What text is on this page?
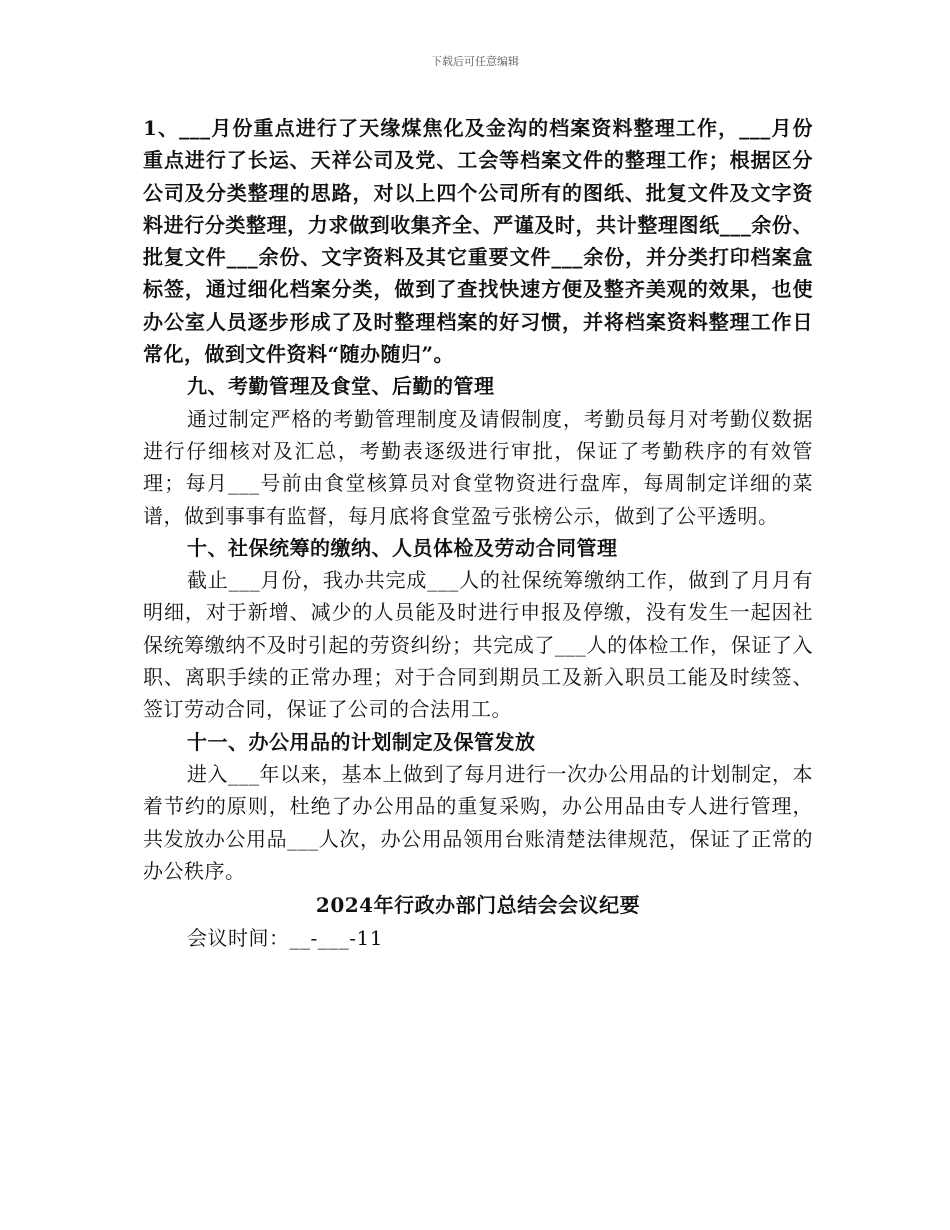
下载后可任意编辑

1、___月份重点进行了天缘煤焦化及金沟的档案资料整理工作，___月份重点进行了长运、天祥公司及党、工会等档案文件的整理工作；根据区分公司及分类整理的思路，对以上四个公司所有的图纸、批复文件及文字资料进行分类整理，力求做到收集齐全、严谨及时，共计整理图纸___余份、批复文件___余份、文字资料及其它重要文件___余份，并分类打印档案盒标签，通过细化档案分类，做到了查找快速方便及整齐美观的效果，也使办公室人员逐步形成了及时整理档案的好习惯，并将档案资料整理工作日常化，做到文件资料“随办随归”。

九、考勤管理及食堂、后勤的管理

通过制定严格的考勤管理制度及请假制度，考勤员每月对考勤仪数据进行仔细核对及汇总，考勤表逐级进行审批，保证了考勤秩序的有效管理；每月___号前由食堂核算员对食堂物资进行盘库，每周制定详细的菜谱，做到事事有监督，每月底将食堂盈亏张榜公示，做到了公平透明。

十、社保统筹的缴纳、人员体检及劳动合同管理

截止___月份，我办共完成___人的社保统筹缴纳工作，做到了月月有明细，对于新增、减少的人员能及时进行申报及停缴，没有发生一起因社保统筹缴纳不及时引起的劳资纠纷；共完成了___人的体检工作，保证了入职、离职手续的正常办理；对于合同到期员工及新入职员工能及时续签、签订劳动合同，保证了公司的合法用工。

十一、办公用品的计划制定及保管发放

进入___年以来，基本上做到了每月进行一次办公用品的计划制定，本着节约的原则，杜绝了办公用品的重复采购，办公用品由专人进行管理，共发放办公用品___人次，办公用品领用台账清楚法律规范，保证了正常的办公秩序。

2024年行政办部门总结会会议纪要

会议时间：__-___-11
